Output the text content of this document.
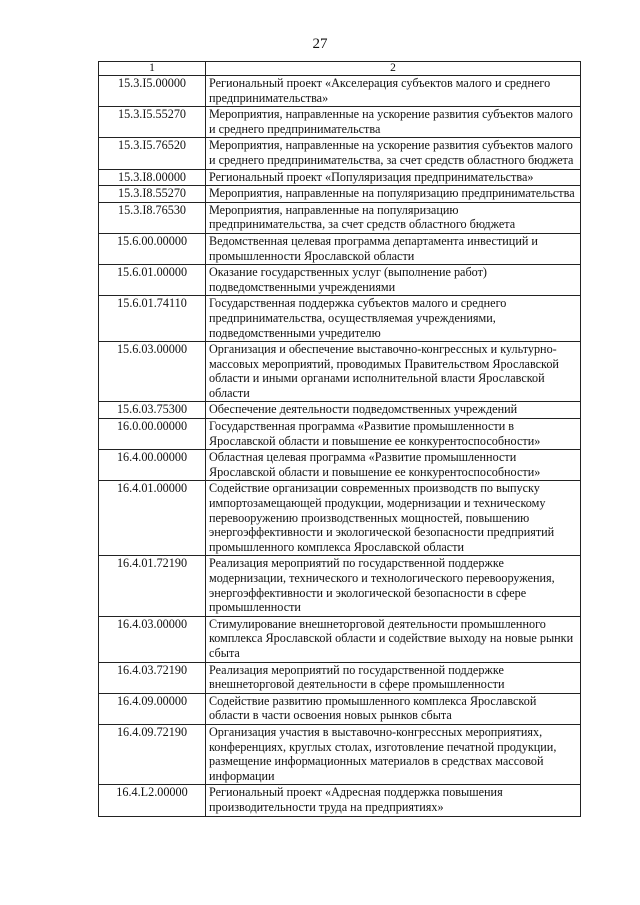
27
1	2
15.3.I5.00000	Региональный проект «Акселерация субъектов малого и среднего предпринимательства»
15.3.I5.55270	Мероприятия, направленные на ускорение развития субъектов малого и среднего предпринимательства
15.3.I5.76520	Мероприятия, направленные на ускорение развития субъектов малого и среднего предпринимательства, за счет средств областного бюджета
15.3.I8.00000	Региональный проект «Популяризация предпринимательства»
15.3.I8.55270	Мероприятия, направленные на популяризацию предпринимательства
15.3.I8.76530	Мероприятия, направленные на популяризацию предпринимательства, за счет средств областного бюджета
15.6.00.00000	Ведомственная целевая программа департамента инвестиций и промышленности Ярославской области
15.6.01.00000	Оказание государственных услуг (выполнение работ) подведомственными учреждениями
15.6.01.74110	Государственная поддержка субъектов малого и среднего предпринимательства, осуществляемая учреждениями, подведомственными учредителю
15.6.03.00000	Организация и обеспечение выставочно-конгрессных и культурно-массовых мероприятий, проводимых Правительством Ярославской области и иными органами исполнительной власти Ярославской области
15.6.03.75300	Обеспечение деятельности подведомственных учреждений
16.0.00.00000	Государственная программа «Развитие промышленности в Ярославской области и повышение ее конкурентоспособности»
16.4.00.00000	Областная целевая программа «Развитие промышленности Ярославской области и повышение ее конкурентоспособности»
16.4.01.00000	Содействие организации современных производств по выпуску импортозамещающей продукции, модернизации и техническому перевооружению производственных мощностей, повышению энергоэффективности и экологической безопасности предприятий промышленного комплекса Ярославской области
16.4.01.72190	Реализация мероприятий по государственной поддержке модернизации, технического и технологического перевооружения, энергоэффективности и экологической безопасности в сфере промышленности
16.4.03.00000	Стимулирование внешнеторговой деятельности промышленного комплекса Ярославской области и содействие выходу на новые рынки сбыта
16.4.03.72190	Реализация мероприятий по государственной поддержке внешнеторговой деятельности в сфере промышленности
16.4.09.00000	Содействие развитию промышленного комплекса Ярославской области в части освоения новых рынков сбыта
16.4.09.72190	Организация участия в выставочно-конгрессных мероприятиях, конференциях, круглых столах, изготовление печатной продукции, размещение информационных материалов в средствах массовой информации
16.4.L2.00000	Региональный проект «Адресная поддержка повышения производительности труда на предприятиях»
